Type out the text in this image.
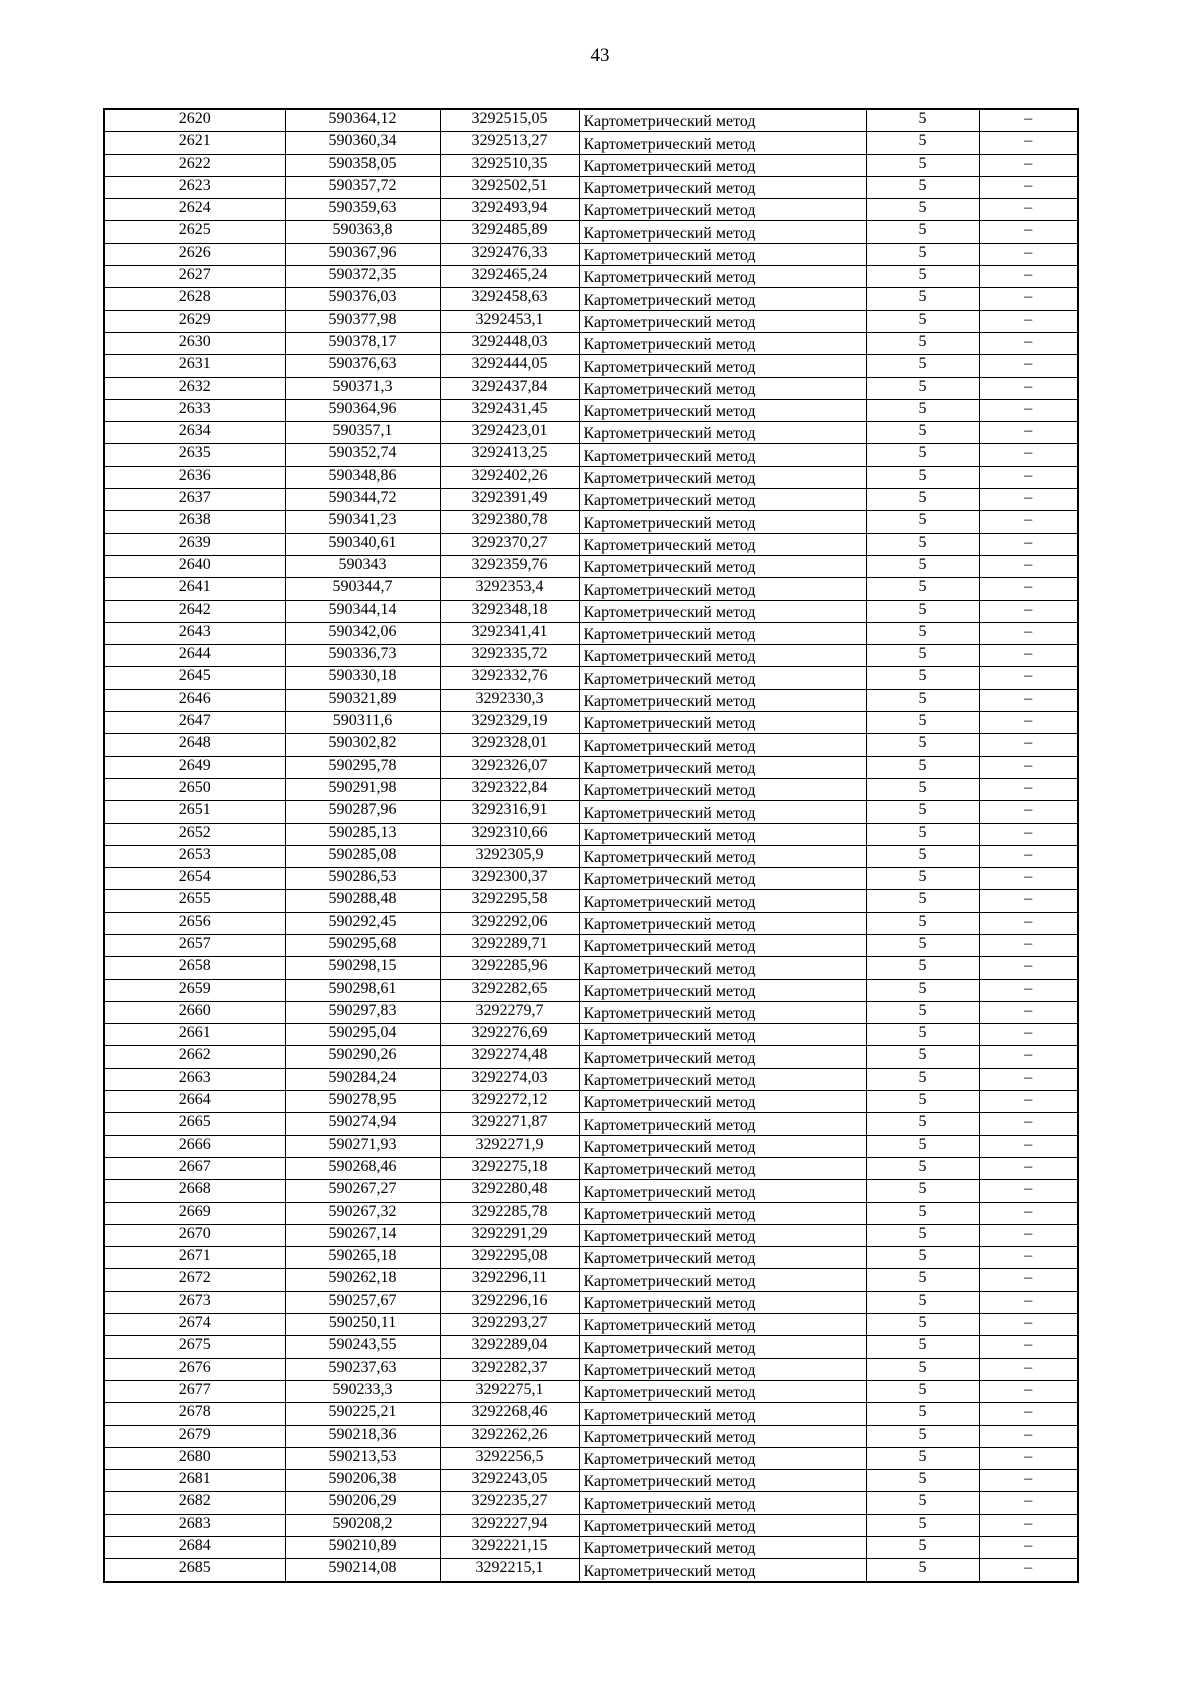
43
2620	590364,12	3292515,05	Картометрический метод	5	–
2621	590360,34	3292513,27	Картометрический метод	5	–
2622	590358,05	3292510,35	Картометрический метод	5	–
2623	590357,72	3292502,51	Картометрический метод	5	–
2624	590359,63	3292493,94	Картометрический метод	5	–
2625	590363,8	3292485,89	Картометрический метод	5	–
2626	590367,96	3292476,33	Картометрический метод	5	–
2627	590372,35	3292465,24	Картометрический метод	5	–
2628	590376,03	3292458,63	Картометрический метод	5	–
2629	590377,98	3292453,1	Картометрический метод	5	–
2630	590378,17	3292448,03	Картометрический метод	5	–
2631	590376,63	3292444,05	Картометрический метод	5	–
2632	590371,3	3292437,84	Картометрический метод	5	–
2633	590364,96	3292431,45	Картометрический метод	5	–
2634	590357,1	3292423,01	Картометрический метод	5	–
2635	590352,74	3292413,25	Картометрический метод	5	–
2636	590348,86	3292402,26	Картометрический метод	5	–
2637	590344,72	3292391,49	Картометрический метод	5	–
2638	590341,23	3292380,78	Картометрический метод	5	–
2639	590340,61	3292370,27	Картометрический метод	5	–
2640	590343	3292359,76	Картометрический метод	5	–
2641	590344,7	3292353,4	Картометрический метод	5	–
2642	590344,14	3292348,18	Картометрический метод	5	–
2643	590342,06	3292341,41	Картометрический метод	5	–
2644	590336,73	3292335,72	Картометрический метод	5	–
2645	590330,18	3292332,76	Картометрический метод	5	–
2646	590321,89	3292330,3	Картометрический метод	5	–
2647	590311,6	3292329,19	Картометрический метод	5	–
2648	590302,82	3292328,01	Картометрический метод	5	–
2649	590295,78	3292326,07	Картометрический метод	5	–
2650	590291,98	3292322,84	Картометрический метод	5	–
2651	590287,96	3292316,91	Картометрический метод	5	–
2652	590285,13	3292310,66	Картометрический метод	5	–
2653	590285,08	3292305,9	Картометрический метод	5	–
2654	590286,53	3292300,37	Картометрический метод	5	–
2655	590288,48	3292295,58	Картометрический метод	5	–
2656	590292,45	3292292,06	Картометрический метод	5	–
2657	590295,68	3292289,71	Картометрический метод	5	–
2658	590298,15	3292285,96	Картометрический метод	5	–
2659	590298,61	3292282,65	Картометрический метод	5	–
2660	590297,83	3292279,7	Картометрический метод	5	–
2661	590295,04	3292276,69	Картометрический метод	5	–
2662	590290,26	3292274,48	Картометрический метод	5	–
2663	590284,24	3292274,03	Картометрический метод	5	–
2664	590278,95	3292272,12	Картометрический метод	5	–
2665	590274,94	3292271,87	Картометрический метод	5	–
2666	590271,93	3292271,9	Картометрический метод	5	–
2667	590268,46	3292275,18	Картометрический метод	5	–
2668	590267,27	3292280,48	Картометрический метод	5	–
2669	590267,32	3292285,78	Картометрический метод	5	–
2670	590267,14	3292291,29	Картометрический метод	5	–
2671	590265,18	3292295,08	Картометрический метод	5	–
2672	590262,18	3292296,11	Картометрический метод	5	–
2673	590257,67	3292296,16	Картометрический метод	5	–
2674	590250,11	3292293,27	Картометрический метод	5	–
2675	590243,55	3292289,04	Картометрический метод	5	–
2676	590237,63	3292282,37	Картометрический метод	5	–
2677	590233,3	3292275,1	Картометрический метод	5	–
2678	590225,21	3292268,46	Картометрический метод	5	–
2679	590218,36	3292262,26	Картометрический метод	5	–
2680	590213,53	3292256,5	Картометрический метод	5	–
2681	590206,38	3292243,05	Картометрический метод	5	–
2682	590206,29	3292235,27	Картометрический метод	5	–
2683	590208,2	3292227,94	Картометрический метод	5	–
2684	590210,89	3292221,15	Картометрический метод	5	–
2685	590214,08	3292215,1	Картометрический метод	5	–
